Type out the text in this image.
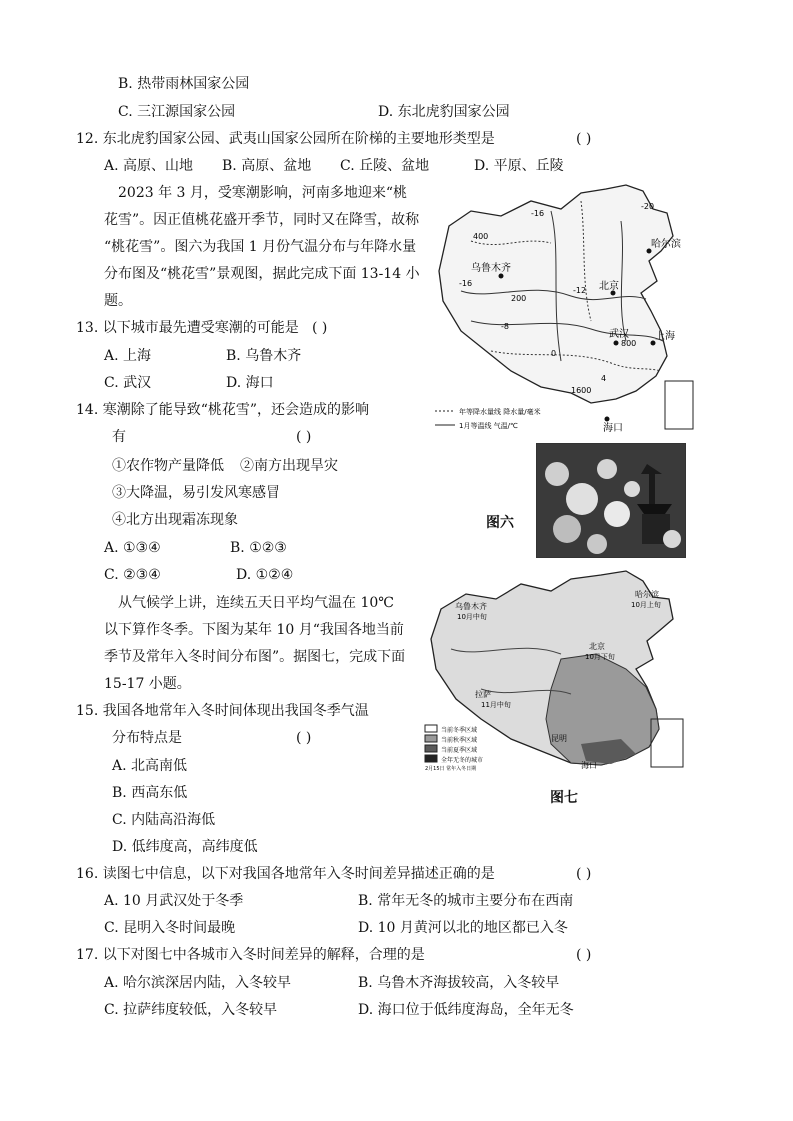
B. 热带雨林国家公园
C. 三江源国家公园	D. 东北虎豹国家公园
12. 东北虎豹国家公园、武夷山国家公园所在阶梯的主要地形类型是	( )
A. 高原、山地 B. 高原、盆地 C. 丘陵、盆地	D. 平原、丘陵
2023 年 3 月，受寒潮影响，河南多地迎来“桃
花雪”。因正值桃花盛开季节，同时又在降雪，故称
“桃花雪”。图六为我国 1 月份气温分布与年降水量
分布图及“桃花雪”景观图，据此完成下面 13-14 小
题。
13. 以下城市最先遭受寒潮的可能是 ( )
A. 上海	B. 乌鲁木齐
C. 武汉	D. 海口
14. 寒潮除了能导致“桃花雪”，还会造成的影响
有	( )
①农作物产量降低 ②南方出现旱灾
③大降温，易引发风寒感冒
④北方出现霜冻现象
A. ①③④	B. ①②③
C. ②③④	D. ①②④
从气候学上讲，连续五天日平均气温在 10℃
以下算作冬季。下图为某年 10 月“我国各地当前
季节及常年入冬时间分布图”。据图七，完成下面
15-17 小题。
15. 我国各地常年入冬时间体现出我国冬季气温
分布特点是	( )
A. 北高南低
B. 西高东低
C. 内陆高沿海低
D. 低纬度高，高纬度低
16. 读图七中信息，以下对我国各地常年入冬时间差异描述正确的是	( )
A. 10 月武汉处于冬季	B. 常年无冬的城市主要分布在西南
C. 昆明入冬时间最晚	D. 10 月黄河以北的地区都已入冬
17. 以下对图七中各城市入冬时间差异的解释，合理的是	( )
A. 哈尔滨深居内陆，入冬较早	B. 乌鲁木齐海拔较高，入冬较早
C. 拉萨纬度较低，入冬较早	D. 海口位于低纬度海岛，全年无冬
400
-16
-20
-16
-12
-8
0
4
1600
800
200
乌鲁木齐
哈尔滨
北京
武汉	上海
海口
年等降水量线 降水量/毫米
1月等温线 气温/℃
图六
乌鲁木齐
10月中旬
哈尔滨
10月上旬
北京
10月下旬
拉萨
11月中旬
昆明
海口
当前冬季区域
当前秋季区域
当前夏季区域
全年无冬的城市
2月15日 常年入冬日期
图七
